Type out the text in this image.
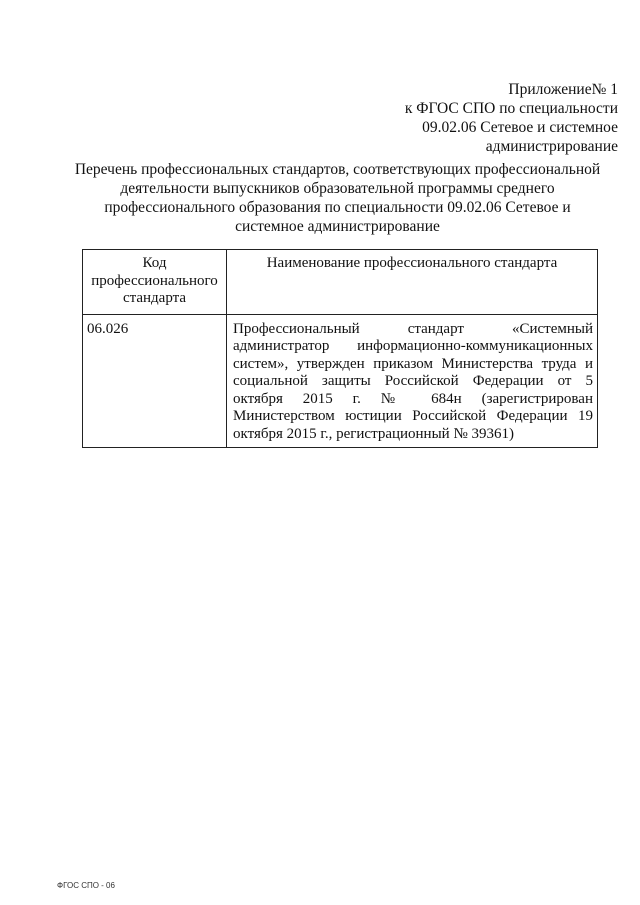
Приложение№ 1
к ФГОС СПО по специальности
09.02.06 Сетевое и системное
администрирование
Перечень профессиональных стандартов, соответствующих профессиональной деятельности выпускников образовательной программы среднего профессионального образования по специальности 09.02.06 Сетевое и системное администрирование
Код профессионального стандарта	Наименование профессионального стандарта
06.026	Профессиональный стандарт «Системный администратор информационно-коммуникационных систем», утвержден приказом Министерства труда и социальной защиты Российской Федерации от 5 октября 2015 г. № 684н (зарегистрирован Министерством юстиции Российской Федерации 19 октября 2015 г., регистрационный № 39361)
ФГОС СПО - 06
